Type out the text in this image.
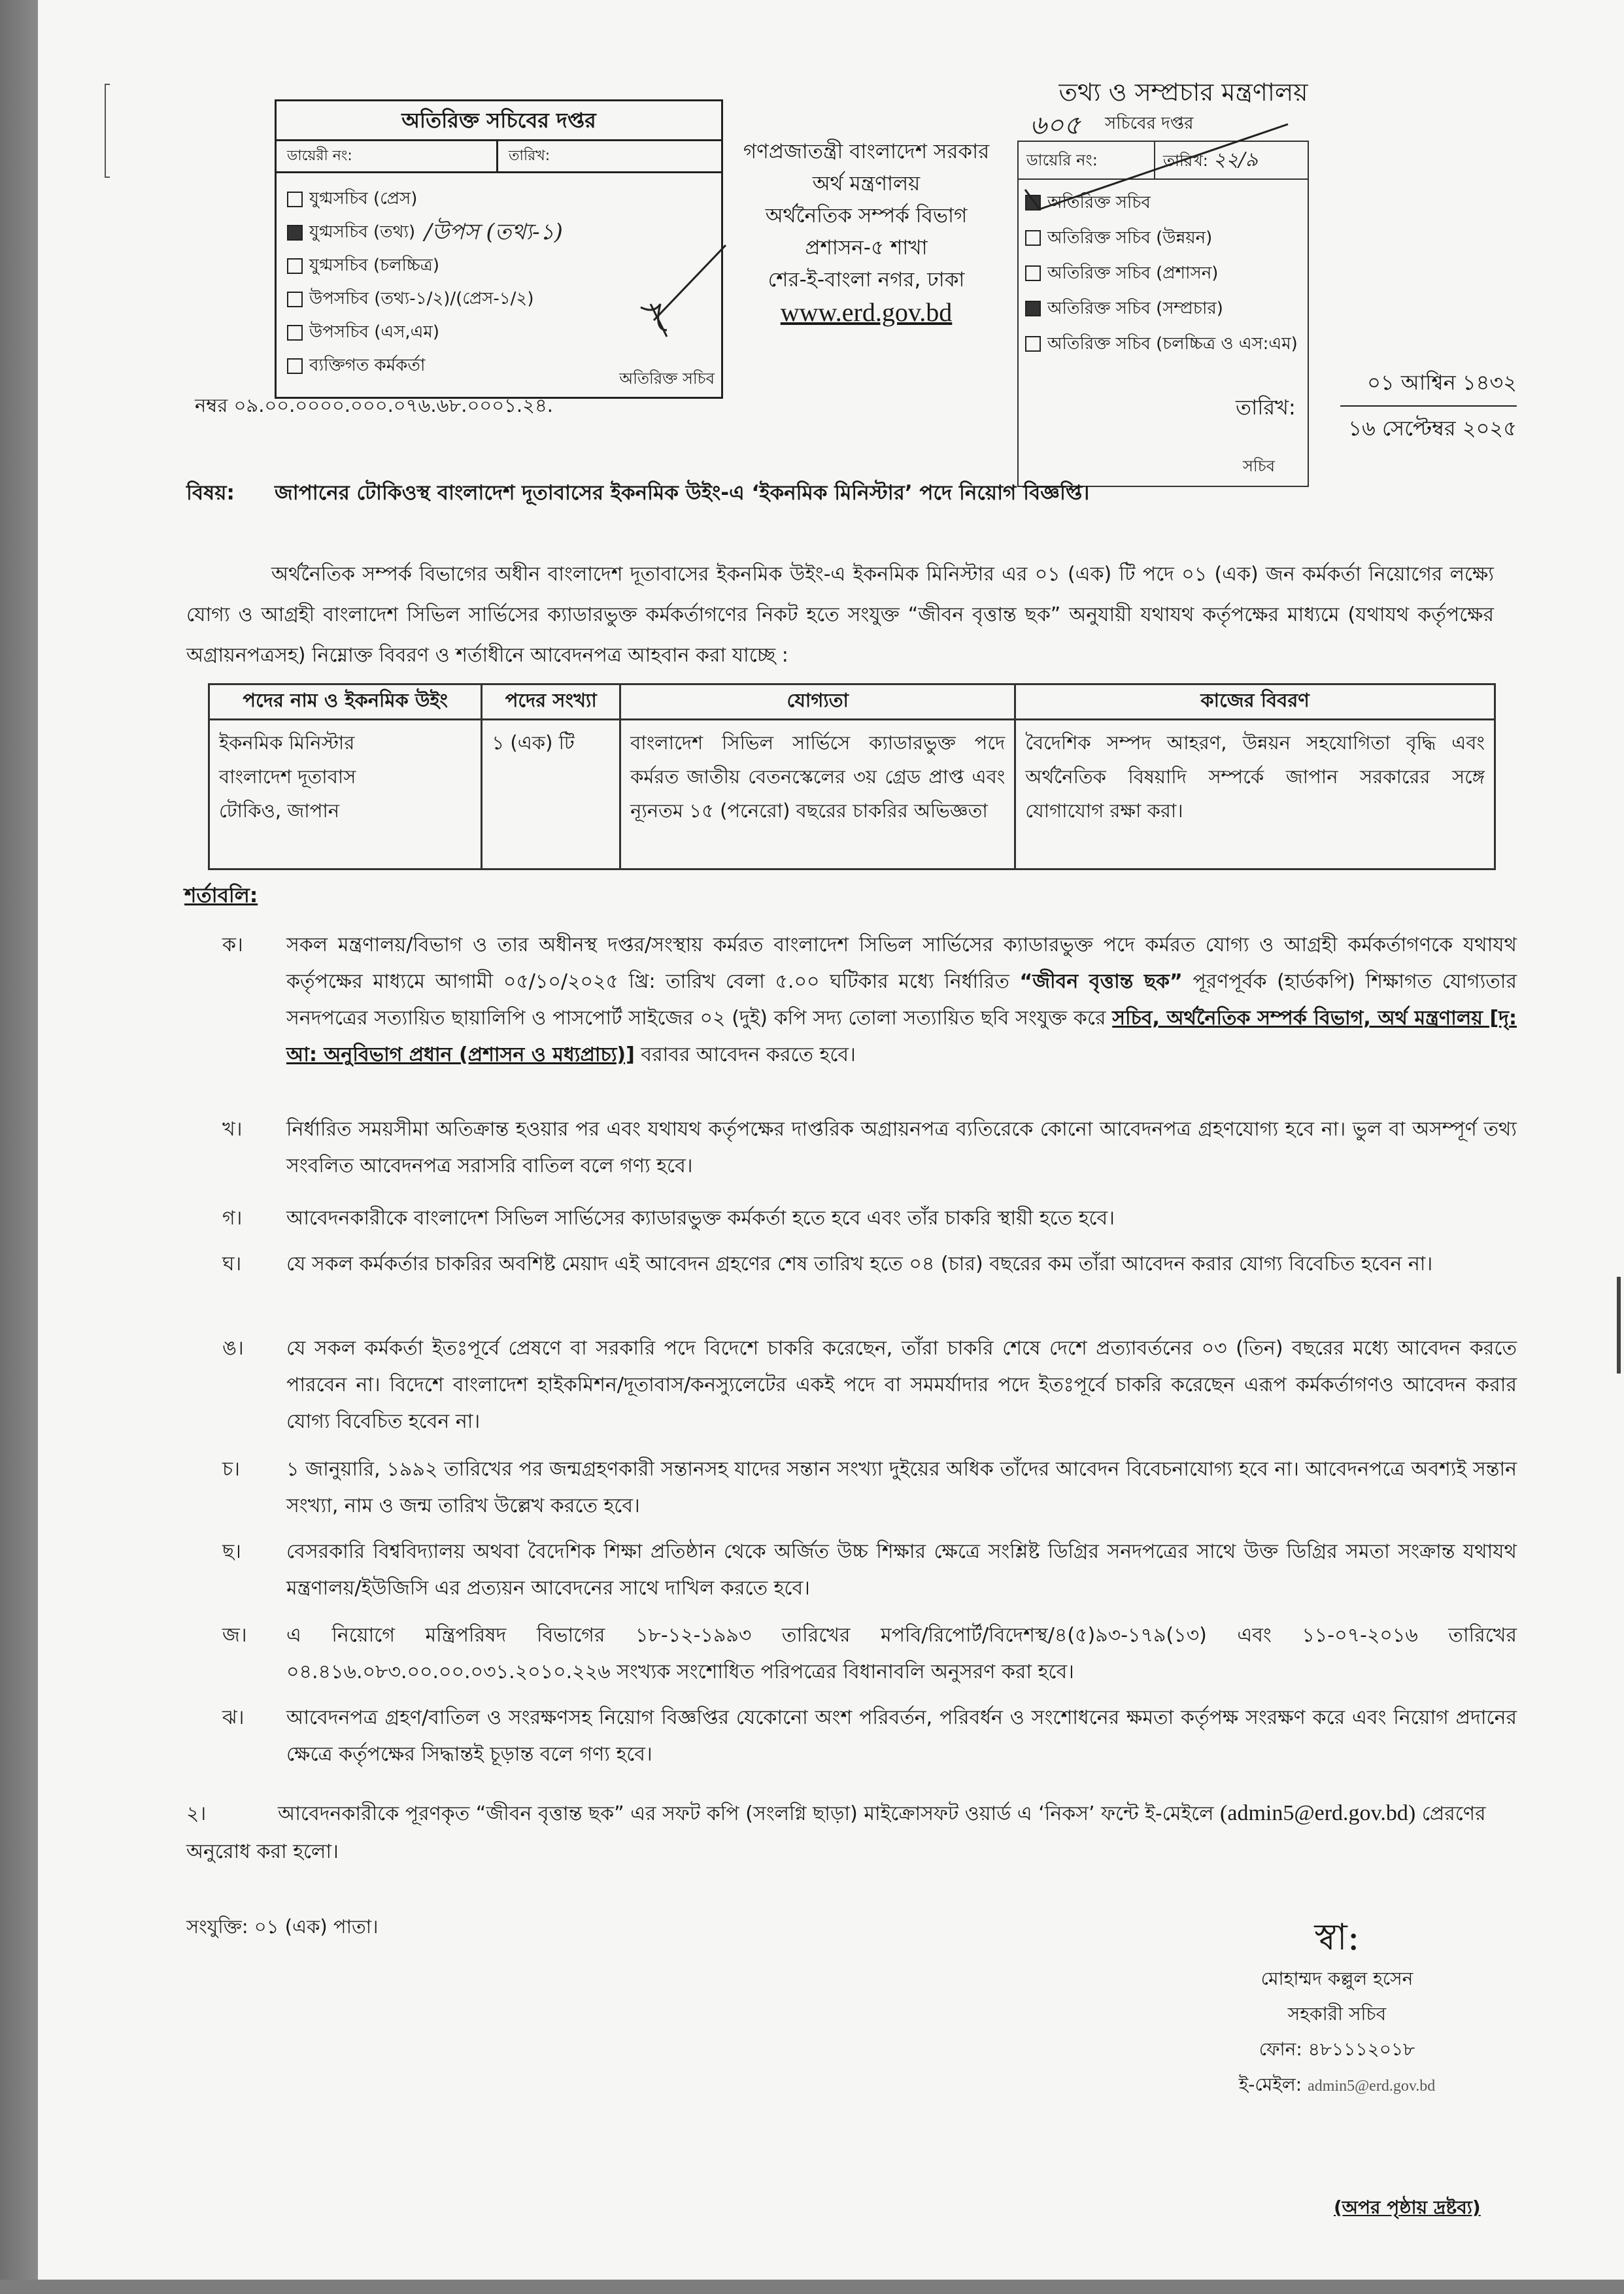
অতিরিক্ত সচিবের দপ্তর
ডায়েরী নং:	তারিখ:
যুগ্মসচিব (প্রেস)
যুগ্মসচিব (তথ্য) /উপস (তথ্য-১)
যুগ্মসচিব (চলচ্চিত্র)
উপসচিব (তথ্য-১/২)/(প্রেস-১/২)
উপসচিব (এস,এম)
ব্যক্তিগত কর্মকর্তা
অতিরিক্ত সচিব
গণপ্রজাতন্ত্রী বাংলাদেশ সরকার
অর্থ মন্ত্রণালয়
অর্থনৈতিক সম্পর্ক বিভাগ
প্রশাসন-৫ শাখা
শের-ই-বাংলা নগর, ঢাকা
www.erd.gov.bd
তথ্য ও সম্প্রচার মন্ত্রণালয়
৬০৫ সচিবের দপ্তর
ডায়েরি নং:	তারিখ: ২২/৯
অতিরিক্ত সচিব
অতিরিক্ত সচিব (উন্নয়ন)
অতিরিক্ত সচিব (প্রশাসন)
অতিরিক্ত সচিব (সম্প্রচার)
অতিরিক্ত সচিব (চলচ্চিত্র ও এস:এম)
সচিব
তারিখ:
০১ আশ্বিন ১৪৩২
১৬ সেপ্টেম্বর ২০২৫
নম্বর ০৯.০০.০০০০.০০০.০৭৬.৬৮.০০০১.২৪.
বিষয়:	জাপানের টোকিওস্থ বাংলাদেশ দূতাবাসের ইকনমিক উইং-এ ‘ইকনমিক মিনিস্টার’ পদে নিয়োগ বিজ্ঞপ্তি।
অর্থনৈতিক সম্পর্ক বিভাগের অধীন বাংলাদেশ দূতাবাসের ইকনমিক উইং-এ ইকনমিক মিনিস্টার এর ০১ (এক) টি পদে ০১ (এক) জন কর্মকর্তা নিয়োগের লক্ষ্যে যোগ্য ও আগ্রহী বাংলাদেশ সিভিল সার্ভিসের ক্যাডারভুক্ত কর্মকর্তাগণের নিকট হতে সংযুক্ত “জীবন বৃত্তান্ত ছক” অনুযায়ী যথাযথ কর্তৃপক্ষের মাধ্যমে (যথাযথ কর্তৃপক্ষের অগ্রায়নপত্রসহ) নিম্নোক্ত বিবরণ ও শর্তাধীনে আবেদনপত্র আহবান করা যাচ্ছে :
পদের নাম ও ইকনমিক উইং	পদের সংখ্যা	যোগ্যতা	কাজের বিবরণ
ইকনমিক মিনিস্টার
বাংলাদেশ দূতাবাস
টোকিও, জাপান	১ (এক) টি	বাংলাদেশ সিভিল সার্ভিসে ক্যাডারভুক্ত পদে কর্মরত জাতীয় বেতনস্কেলের ৩য় গ্রেড প্রাপ্ত এবং ন্যূনতম ১৫ (পনেরো) বছরের চাকরির অভিজ্ঞতা	বৈদেশিক সম্পদ আহরণ, উন্নয়ন সহযোগিতা বৃদ্ধি এবং অর্থনৈতিক বিষয়াদি সম্পর্কে জাপান সরকারের সঙ্গে যোগাযোগ রক্ষা করা।
শর্তাবলি:
ক।	সকল মন্ত্রণালয়/বিভাগ ও তার অধীনস্থ দপ্তর/সংস্থায় কর্মরত বাংলাদেশ সিভিল সার্ভিসের ক্যাডারভুক্ত পদে কর্মরত যোগ্য ও আগ্রহী কর্মকর্তাগণকে যথাযথ কর্তৃপক্ষের মাধ্যমে আগামী ০৫/১০/২০২৫ খ্রি: তারিখ বেলা ৫.০০ ঘটিকার মধ্যে নির্ধারিত “জীবন বৃত্তান্ত ছক” পূরণপূর্বক (হার্ডকপি) শিক্ষাগত যোগ্যতার সনদপত্রের সত্যায়িত ছায়ালিপি ও পাসপোর্ট সাইজের ০২ (দুই) কপি সদ্য তোলা সত্যায়িত ছবি সংযুক্ত করে সচিব, অর্থনৈতিক সম্পর্ক বিভাগ, অর্থ মন্ত্রণালয় [দৃ: আ: অনুবিভাগ প্রধান (প্রশাসন ও মধ্যপ্রাচ্য)] বরাবর আবেদন করতে হবে।
খ।	নির্ধারিত সময়সীমা অতিক্রান্ত হওয়ার পর এবং যথাযথ কর্তৃপক্ষের দাপ্তরিক অগ্রায়নপত্র ব্যতিরেকে কোনো আবেদনপত্র গ্রহণযোগ্য হবে না। ভুল বা অসম্পূর্ণ তথ্য সংবলিত আবেদনপত্র সরাসরি বাতিল বলে গণ্য হবে।
গ।	আবেদনকারীকে বাংলাদেশ সিভিল সার্ভিসের ক্যাডারভুক্ত কর্মকর্তা হতে হবে এবং তাঁর চাকরি স্থায়ী হতে হবে।
ঘ।	যে সকল কর্মকর্তার চাকরির অবশিষ্ট মেয়াদ এই আবেদন গ্রহণের শেষ তারিখ হতে ০৪ (চার) বছরের কম তাঁরা আবেদন করার যোগ্য বিবেচিত হবেন না।
ঙ।	যে সকল কর্মকর্তা ইতঃপূর্বে প্রেষণে বা সরকারি পদে বিদেশে চাকরি করেছেন, তাঁরা চাকরি শেষে দেশে প্রত্যাবর্তনের ০৩ (তিন) বছরের মধ্যে আবেদন করতে পারবেন না। বিদেশে বাংলাদেশ হাইকমিশন/দূতাবাস/কনস্যুলেটের একই পদে বা সমমর্যাদার পদে ইতঃপূর্বে চাকরি করেছেন এরূপ কর্মকর্তাগণও আবেদন করার যোগ্য বিবেচিত হবেন না।
চ।	১ জানুয়ারি, ১৯৯২ তারিখের পর জন্মগ্রহণকারী সন্তানসহ যাদের সন্তান সংখ্যা দুইয়ের অধিক তাঁদের আবেদন বিবেচনাযোগ্য হবে না। আবেদনপত্রে অবশ্যই সন্তান সংখ্যা, নাম ও জন্ম তারিখ উল্লেখ করতে হবে।
ছ।	বেসরকারি বিশ্ববিদ্যালয় অথবা বৈদেশিক শিক্ষা প্রতিষ্ঠান থেকে অর্জিত উচ্চ শিক্ষার ক্ষেত্রে সংশ্লিষ্ট ডিগ্রির সনদপত্রের সাথে উক্ত ডিগ্রির সমতা সংক্রান্ত যথাযথ মন্ত্রণালয়/ইউজিসি এর প্রত্যয়ন আবেদনের সাথে দাখিল করতে হবে।
জ।	এ নিয়োগে মন্ত্রিপরিষদ বিভাগের ১৮-১২-১৯৯৩ তারিখের মপবি/রিপোর্ট/বিদেশস্থ/৪(৫)৯৩-১৭৯(১৩) এবং ১১-০৭-২০১৬ তারিখের ০৪.৪১৬.০৮৩.০০.০০.০৩১.২০১০.২২৬ সংখ্যক সংশোধিত পরিপত্রের বিধানাবলি অনুসরণ করা হবে।
ঝ।	আবেদনপত্র গ্রহণ/বাতিল ও সংরক্ষণসহ নিয়োগ বিজ্ঞপ্তির যেকোনো অংশ পরিবর্তন, পরিবর্ধন ও সংশোধনের ক্ষমতা কর্তৃপক্ষ সংরক্ষণ করে এবং নিয়োগ প্রদানের ক্ষেত্রে কর্তৃপক্ষের সিদ্ধান্তই চূড়ান্ত বলে গণ্য হবে।
২।	আবেদনকারীকে পূরণকৃত “জীবন বৃত্তান্ত ছক” এর সফট কপি (সংলগ্নি ছাড়া) মাইক্রোসফট ওয়ার্ড এ ‘নিকস’ ফন্টে ই-মেইলে (admin5@erd.gov.bd) প্রেরণের অনুরোধ করা হলো।
সংযুক্তি: ০১ (এক) পাতা।	স্বা:
মোহাম্মদ কল্লুল হসেন
সহকারী সচিব
ফোন: ৪৮১১১২০১৮
ই-মেইল: admin5@erd.gov.bd
(অপর পৃষ্ঠায় দ্রষ্টব্য)
